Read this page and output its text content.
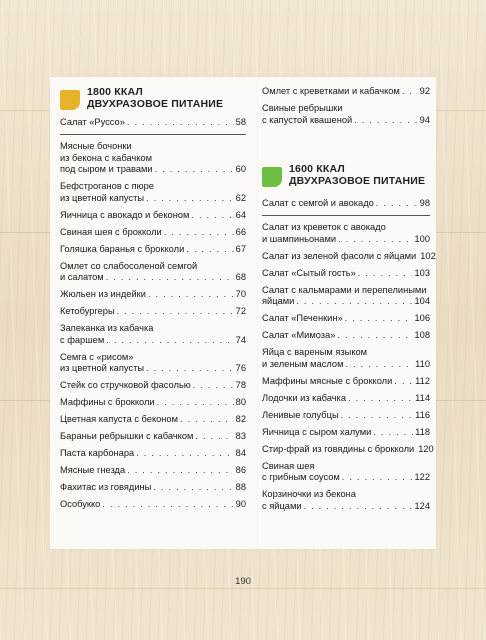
1800 ККАЛ
ДВУХРАЗОВОЕ ПИТАНИЕ
Салат «Руссо» . . .	58
Мясные бочонки
из бекона с кабачком
под сыром и травами . . .	60
Бефстроганов с пюре
из цветной капусты . . .	62
Яичница с авокадо и беконом . . .	64
Свиная шея с брокколи . . .	66
Голяшка баранья с брокколи . . .	67
Омлет со слабосоленой семгой
и салатом . . .	68
Жюльен из индейки . . .	70
Кетобургеры . . .	72
Запеканка из кабачка
с фаршем . . .	74
Семга с «рисом»
из цветной капусты . . .	76
Стейк со стручковой фасолью . . .	78
Маффины с брокколи . . .	80
Цветная капуста с беконом . . .	82
Бараньи ребрышки с кабачком . . .	83
Паста карбонара . . .	84
Мясные гнезда . . .	86
Фахитас из говядины . . .	88
Особукко . . .	90
Омлет с креветками и кабачком . . . 92
Свиные ребрышки
с капустой квашеной . . .	94
1600 ККАЛ
ДВУХРАЗОВОЕ ПИТАНИЕ
Салат с семгой и авокадо . . .	98
Салат из креветок с авокадо
и шампиньонами . . .	100
Салат из зеленой фасоли с яйцами 102
Салат «Сытый гость» . . .	103
Салат с кальмарами и перепелиными
яйцами . . .	104
Салат «Печенкин» . . .	106
Салат «Мимоза» . . .	108
Яйца с вареным языком
и зеленым маслом . . .	110
Маффины мясные с брокколи . . . 112
Лодочки из кабачка . . .	114
Ленивые голубцы . . .	116
Яичница с сыром халуми . . .	118
Стир-фрай из говядины с брокколи 120
Свиная шея
с грибным соусом . . .	122
Корзиночки из бекона
с яйцами . . .	124
190
